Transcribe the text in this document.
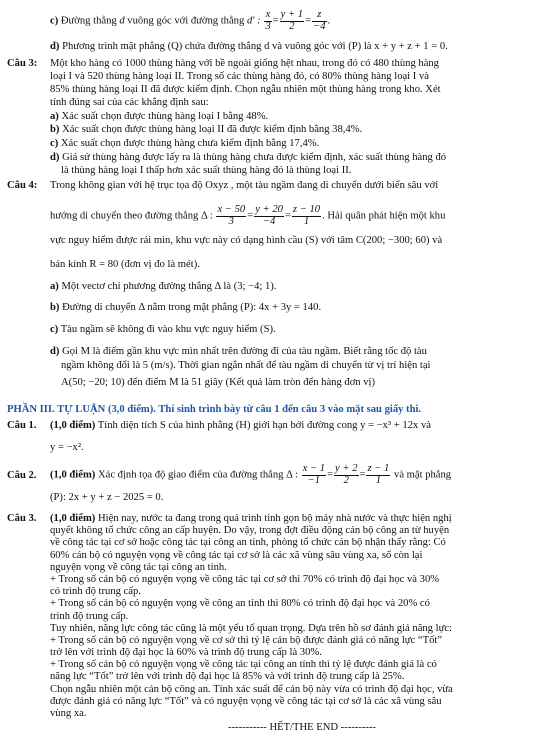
c) Đường thẳng d vuông góc với đường thẳng d' : $\frac{x}{3} = \frac{y + 1}{2} = \frac{z}{-4}$ .
d) Phương trình mặt phẳng (Q) chứa đường thẳng d và vuông góc với (P) là x + y + z + 1 = 0.
Câu 3: Một kho hàng có 1000 thùng hàng với bề ngoài giống hệt nhau, trong đó có 480 thùng hàng
loại I và 520 thùng hàng loại II. Trong số các thùng hàng đó, có 80% thùng hàng loại I và
85% thùng hàng loại II đã được kiểm định. Chọn ngẫu nhiên một thùng hàng trong kho. Xét
tính đúng sai của các khẳng định sau:
a) Xác suất chọn được thùng hàng loại I bằng 48%.
b) Xác suất chọn được thùng hàng loại II đã được kiểm định bằng 38,4%.
c) Xác suất chọn được thùng hàng chưa kiểm định bằng 17,4%.
d) Giả sử thùng hàng được lấy ra là thùng hàng chưa được kiểm định, xác suất thùng hàng đó
là thùng hàng loại I thấp hơn xác suất thùng hàng đó là thùng loại II.
Câu 4: Trong không gian với hệ trục tọa độ Oxyz , một tàu ngầm đang di chuyển dưới biển sâu với
hướng di chuyển theo đường thẳng Δ : $\frac{x - 50}{3} = \frac{y + 20}{-4} = \frac{z - 10}{1}$ . Hải quân phát hiện một khu
vực nguy hiểm được rải mìn, khu vực này có dạng hình cầu (S) với tâm C(200; −300; 60) và
bán kính R = 80 (đơn vị đo là mét).
a) Một vectơ chỉ phương đường thẳng Δ là (3; −4; 1).
b) Đường di chuyển Δ nằm trong mặt phẳng (P): 4x + 3y = 140.
c) Tàu ngầm sẽ không đi vào khu vực nguy hiểm (S).
d) Gọi M là điểm gần khu vực mìn nhất trên đường đi của tàu ngầm. Biết rằng tốc độ tàu
ngầm không đổi là 5 (m/s). Thời gian ngắn nhất để tàu ngầm di chuyển từ vị trí hiện tại
A(50; −20; 10) đến điểm M là 51 giây (Kết quả làm tròn đến hàng đơn vị)
PHẦN III. TỰ LUẬN (3,0 điểm). Thí sinh trình bày từ câu 1 đến câu 3 vào mặt sau giấy thi.
Câu 1. (1,0 điểm) Tính diện tích S của hình phẳng (H) giới hạn bởi đường cong y = −x³ + 12x và
y = −x².
Câu 2. (1,0 điểm) Xác định tọa độ giao điểm của đường thẳng Δ : $\frac{x - 1}{-1} = \frac{y + 2}{2} = \frac{z - 1}{1}$ và mặt phẳng
(P): 2x + y + z − 2025 = 0.
Câu 3. (1,0 điểm) Hiện nay, nước ta đang trong quá trình tinh gọn bộ máy nhà nước và thực hiện nghị
quyết không tổ chức công an cấp huyện. Do vậy, trong đợt điều động cán bộ công an từ huyện
về công tác tại cơ sở hoặc công tác tại công an tỉnh, phòng tổ chức cán bộ nhận thấy rằng: Có
60% cán bộ có nguyện vọng về công tác tại cơ sở là các xã vùng sâu vùng xa, số còn lại
nguyện vọng về công tác tại công an tỉnh.
+ Trong số cán bộ có nguyện vọng về công tác tại cơ sở thì 70% có trình độ đại học và 30%
có trình độ trung cấp.
+ Trong số cán bộ có nguyện vọng về công an tỉnh thì 80% có trình độ đại học và 20% có
trình độ trung cấp.
Tuy nhiên, năng lực công tác cũng là một yếu tố quan trọng. Dựa trên hồ sơ đánh giá năng lực:
+ Trong số cán bộ có nguyện vọng về cơ sở thì tỷ lệ cán bộ được đánh giá có năng lực “Tốt”
trở lên với trình độ đại học là 60% và trình độ trung cấp là 30%.
+ Trong số cán bộ có nguyện vọng về công tác tại công an tỉnh thì tỷ lệ được đánh giá là có
năng lực “Tốt” trở lên với trình độ đại học là 85% và với trình độ trung cấp là 25%.
Chọn ngẫu nhiên một cán bộ công an. Tính xác suất để cán bộ này vừa có trình độ đại học, vừa
được đánh giá có năng lực “Tốt” và có nguyện vọng về công tác tại cơ sở là các xã vùng sâu
vùng xa.
----------- HẾT/THE END ----------
